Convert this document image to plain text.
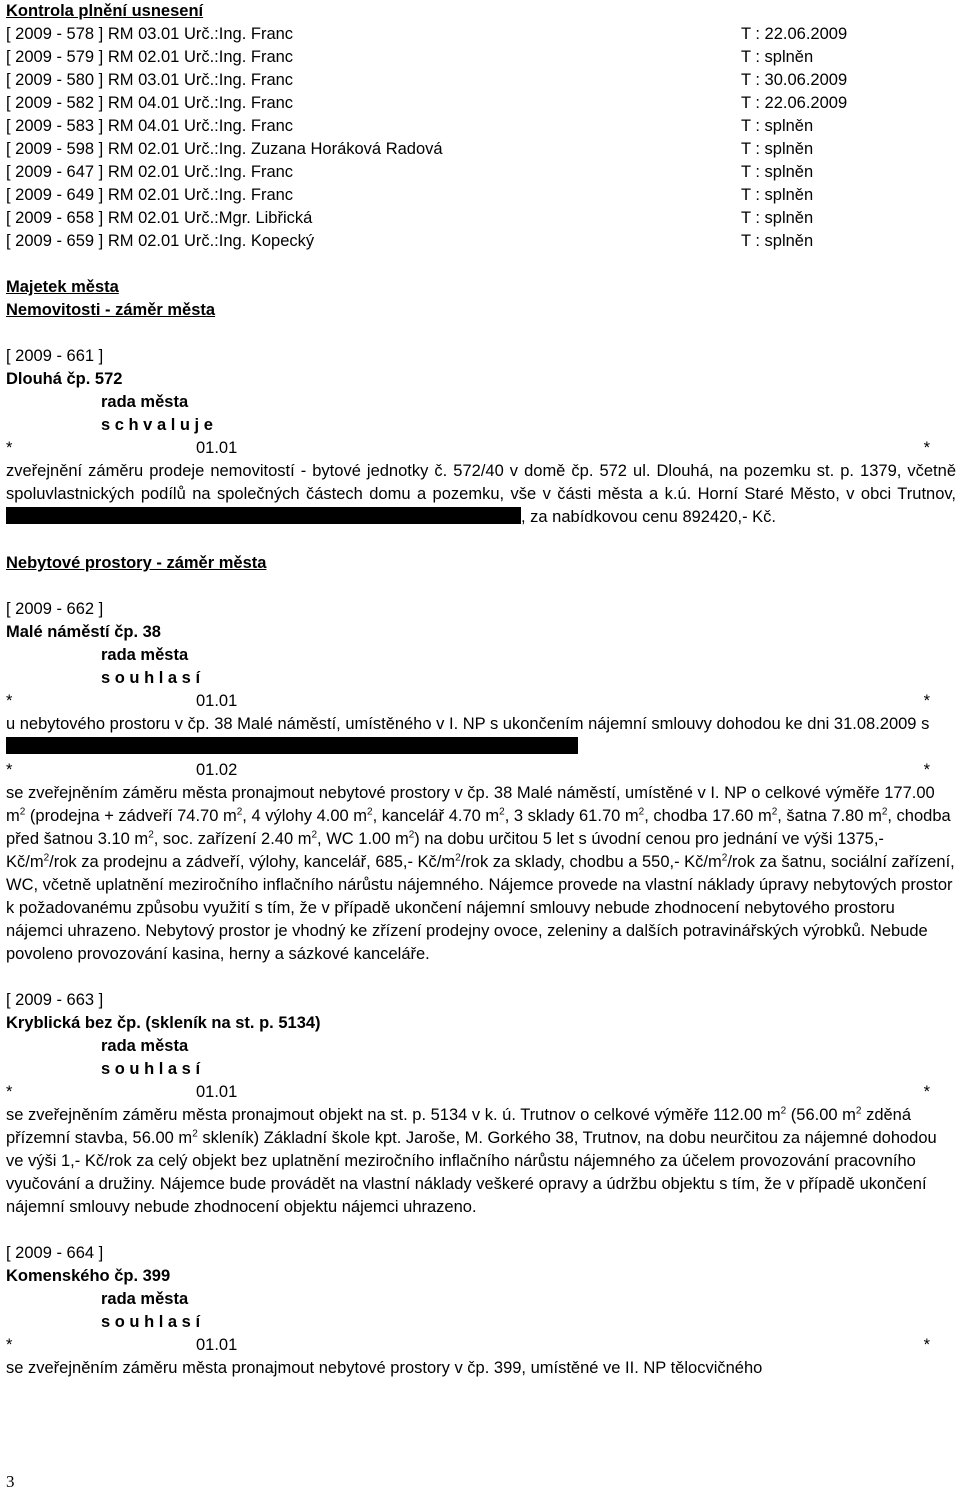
Kontrola plnění usnesení
[ 2009 - 578 ] RM 03.01 Urč.:Ing. Franc	T : 22.06.2009
[ 2009 - 579 ] RM 02.01 Urč.:Ing. Franc	T : splněn
[ 2009 - 580 ] RM 03.01 Urč.:Ing. Franc	T : 30.06.2009
[ 2009 - 582 ] RM 04.01 Urč.:Ing. Franc	T : 22.06.2009
[ 2009 - 583 ] RM 04.01 Urč.:Ing. Franc	T : splněn
[ 2009 - 598 ] RM 02.01 Urč.:Ing. Zuzana Horáková Radová	T : splněn
[ 2009 - 647 ] RM 02.01 Urč.:Ing. Franc	T : splněn
[ 2009 - 649 ] RM 02.01 Urč.:Ing. Franc	T : splněn
[ 2009 - 658 ] RM 02.01 Urč.:Mgr. Libřická	T : splněn
[ 2009 - 659 ] RM 02.01 Urč.:Ing. Kopecký	T : splněn
Majetek města
Nemovitosti - záměr města
[ 2009 - 661 ]
Dlouhá čp. 572
rada města
s c h v a l u j e
*	01.01	*
zveřejnění záměru prodeje nemovitostí - bytové jednotky č. 572/40 v domě čp. 572 ul. Dlouhá, na pozemku st. p. 1379, včetně spoluvlastnických podílů na společných částech domu a pozemku, vše v části města a k.ú. Horní Staré Město, v obci Trutnov, , za nabídkovou cenu 892420,- Kč.
Nebytové prostory - záměr města
[ 2009 - 662 ]
Malé náměstí čp. 38
rada města
s o u h l a s í
*	01.01	*
u nebytového prostoru v čp. 38 Malé náměstí, umístěného v I. NP s ukončením nájemní smlouvy dohodou ke dni 31.08.2009 s
*	01.02	*
se zveřejněním záměru města pronajmout nebytové prostory v čp. 38 Malé náměstí, umístěné v I. NP o celkové výměře 177.00 $m^2$ (prodejna + zádveří 74.70 $m^2$, 4 výlohy 4.00 $m^2$, kancelář 4.70 $m^2$, 3 sklady 61.70 $m^2$, chodba 17.60 $m^2$, šatna 7.80 $m^2$, chodba před šatnou 3.10 $m^2$, soc. zařízení 2.40 $m^2$, WC 1.00 $m^2$) na dobu určitou 5 let s úvodní cenou pro jednání ve výši 1375,- $Kč/m^2$/rok za prodejnu a zádveří, výlohy, kancelář, 685,- $Kč/m^2$/rok za sklady, chodbu a 550,- $Kč/m^2$/rok za šatnu, sociální zařízení, WC, včetně uplatnění meziročního inflačního nárůstu nájemného. Nájemce provede na vlastní náklady úpravy nebytových prostor k požadovanému způsobu využití s tím, že v případě ukončení nájemní smlouvy nebude zhodnocení nebytového prostoru nájemci uhrazeno. Nebytový prostor je vhodný ke zřízení prodejny ovoce, zeleniny a dalších potravinářských výrobků. Nebude povoleno provozování kasina, herny a sázkové kanceláře.
[ 2009 - 663 ]
Kryblická bez čp. (skleník na st. p. 5134)
rada města
s o u h l a s í
*	01.01	*
se zveřejněním záměru města pronajmout objekt na st. p. 5134 v k. ú. Trutnov o celkové výměře 112.00 $m^2$ (56.00 $m^2$ zděná přízemní stavba, 56.00 $m^2$ skleník) Základní škole kpt. Jaroše, M. Gorkého 38, Trutnov, na dobu neurčitou za nájemné dohodou ve výši 1,- Kč/rok za celý objekt bez uplatnění meziročního inflačního nárůstu nájemného za účelem provozování pracovního vyučování a družiny. Nájemce bude provádět na vlastní náklady veškeré opravy a údržbu objektu s tím, že v případě ukončení nájemní smlouvy nebude zhodnocení objektu nájemci uhrazeno.
[ 2009 - 664 ]
Komenského čp. 399
rada města
s o u h l a s í
*	01.01	*
se zveřejněním záměru města pronajmout nebytové prostory v čp. 399, umístěné ve II. NP tělocvičného
3
